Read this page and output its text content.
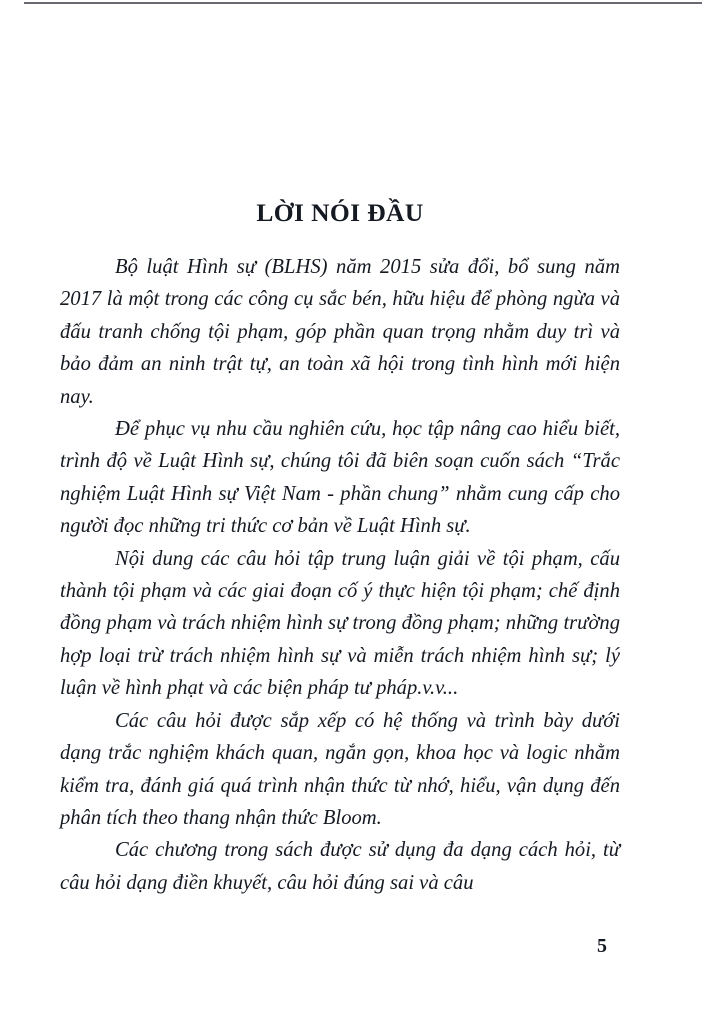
LỜI NÓI ĐẦU

Bộ luật Hình sự (BLHS) năm 2015 sửa đổi, bổ sung năm 2017 là một trong các công cụ sắc bén, hữu hiệu để phòng ngừa và đấu tranh chống tội phạm, góp phần quan trọng nhằm duy trì và bảo đảm an ninh trật tự, an toàn xã hội trong tình hình mới hiện nay.

Để phục vụ nhu cầu nghiên cứu, học tập nâng cao hiểu biết, trình độ về Luật Hình sự, chúng tôi đã biên soạn cuốn sách “Trắc nghiệm Luật Hình sự Việt Nam - phần chung” nhằm cung cấp cho người đọc những tri thức cơ bản về Luật Hình sự.

Nội dung các câu hỏi tập trung luận giải về tội phạm, cấu thành tội phạm và các giai đoạn cố ý thực hiện tội phạm; chế định đồng phạm và trách nhiệm hình sự trong đồng phạm; những trường hợp loại trừ trách nhiệm hình sự và miễn trách nhiệm hình sự; lý luận về hình phạt và các biện pháp tư pháp.v.v...

Các câu hỏi được sắp xếp có hệ thống và trình bày dưới dạng trắc nghiệm khách quan, ngắn gọn, khoa học và logic nhằm kiểm tra, đánh giá quá trình nhận thức từ nhớ, hiểu, vận dụng đến phân tích theo thang nhận thức Bloom.

Các chương trong sách được sử dụng đa dạng cách hỏi, từ câu hỏi dạng điền khuyết, câu hỏi đúng sai và câu

5
